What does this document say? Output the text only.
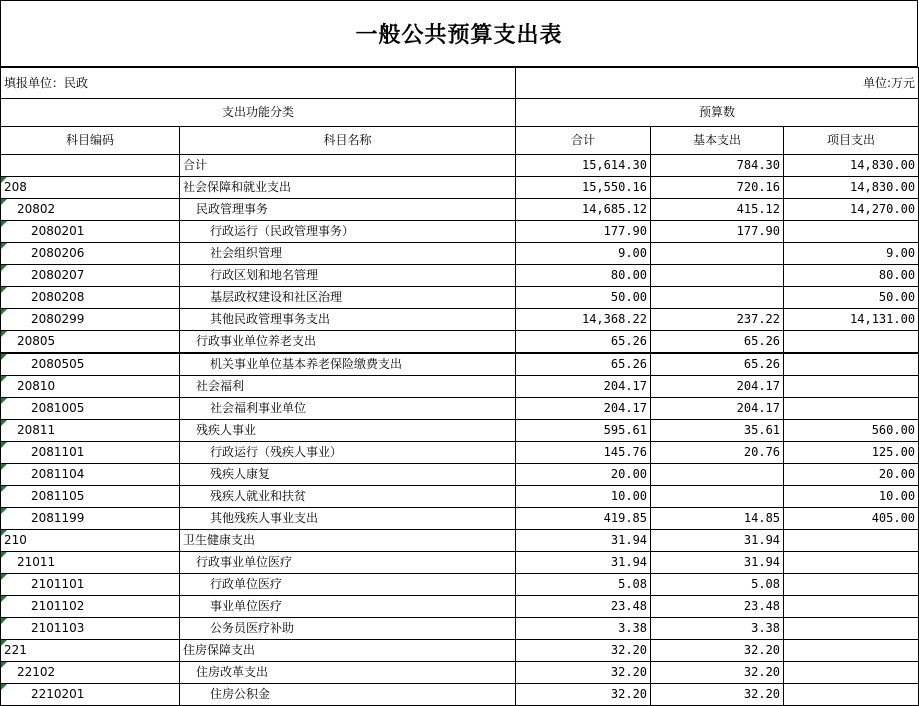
一般公共预算支出表
填报单位：民政		单位:万元		
支出功能分类		预算数		
科目编码	科目名称	合计	基本支出	项目支出
	合计	15,614.30	784.30	14,830.00
208	社会保障和就业支出	15,550.16	720.16	14,830.00
20802	民政管理事务	14,685.12	415.12	14,270.00
2080201	行政运行（民政管理事务）	177.90	177.90	
2080206	社会组织管理	9.00		9.00
2080207	行政区划和地名管理	80.00		80.00
2080208	基层政权建设和社区治理	50.00		50.00
2080299	其他民政管理事务支出	14,368.22	237.22	14,131.00
20805	行政事业单位养老支出	65.26	65.26	
2080505	机关事业单位基本养老保险缴费支出	65.26	65.26	
20810	社会福利	204.17	204.17	
2081005	社会福利事业单位	204.17	204.17	
20811	残疾人事业	595.61	35.61	560.00
2081101	行政运行（残疾人事业）	145.76	20.76	125.00
2081104	残疾人康复	20.00		20.00
2081105	残疾人就业和扶贫	10.00		10.00
2081199	其他残疾人事业支出	419.85	14.85	405.00
210	卫生健康支出	31.94	31.94	
21011	行政事业单位医疗	31.94	31.94	
2101101	行政单位医疗	5.08	5.08	
2101102	事业单位医疗	23.48	23.48	
2101103	公务员医疗补助	3.38	3.38	
221	住房保障支出	32.20	32.20	
22102	住房改革支出	32.20	32.20	
2210201	住房公积金	32.20	32.20	
